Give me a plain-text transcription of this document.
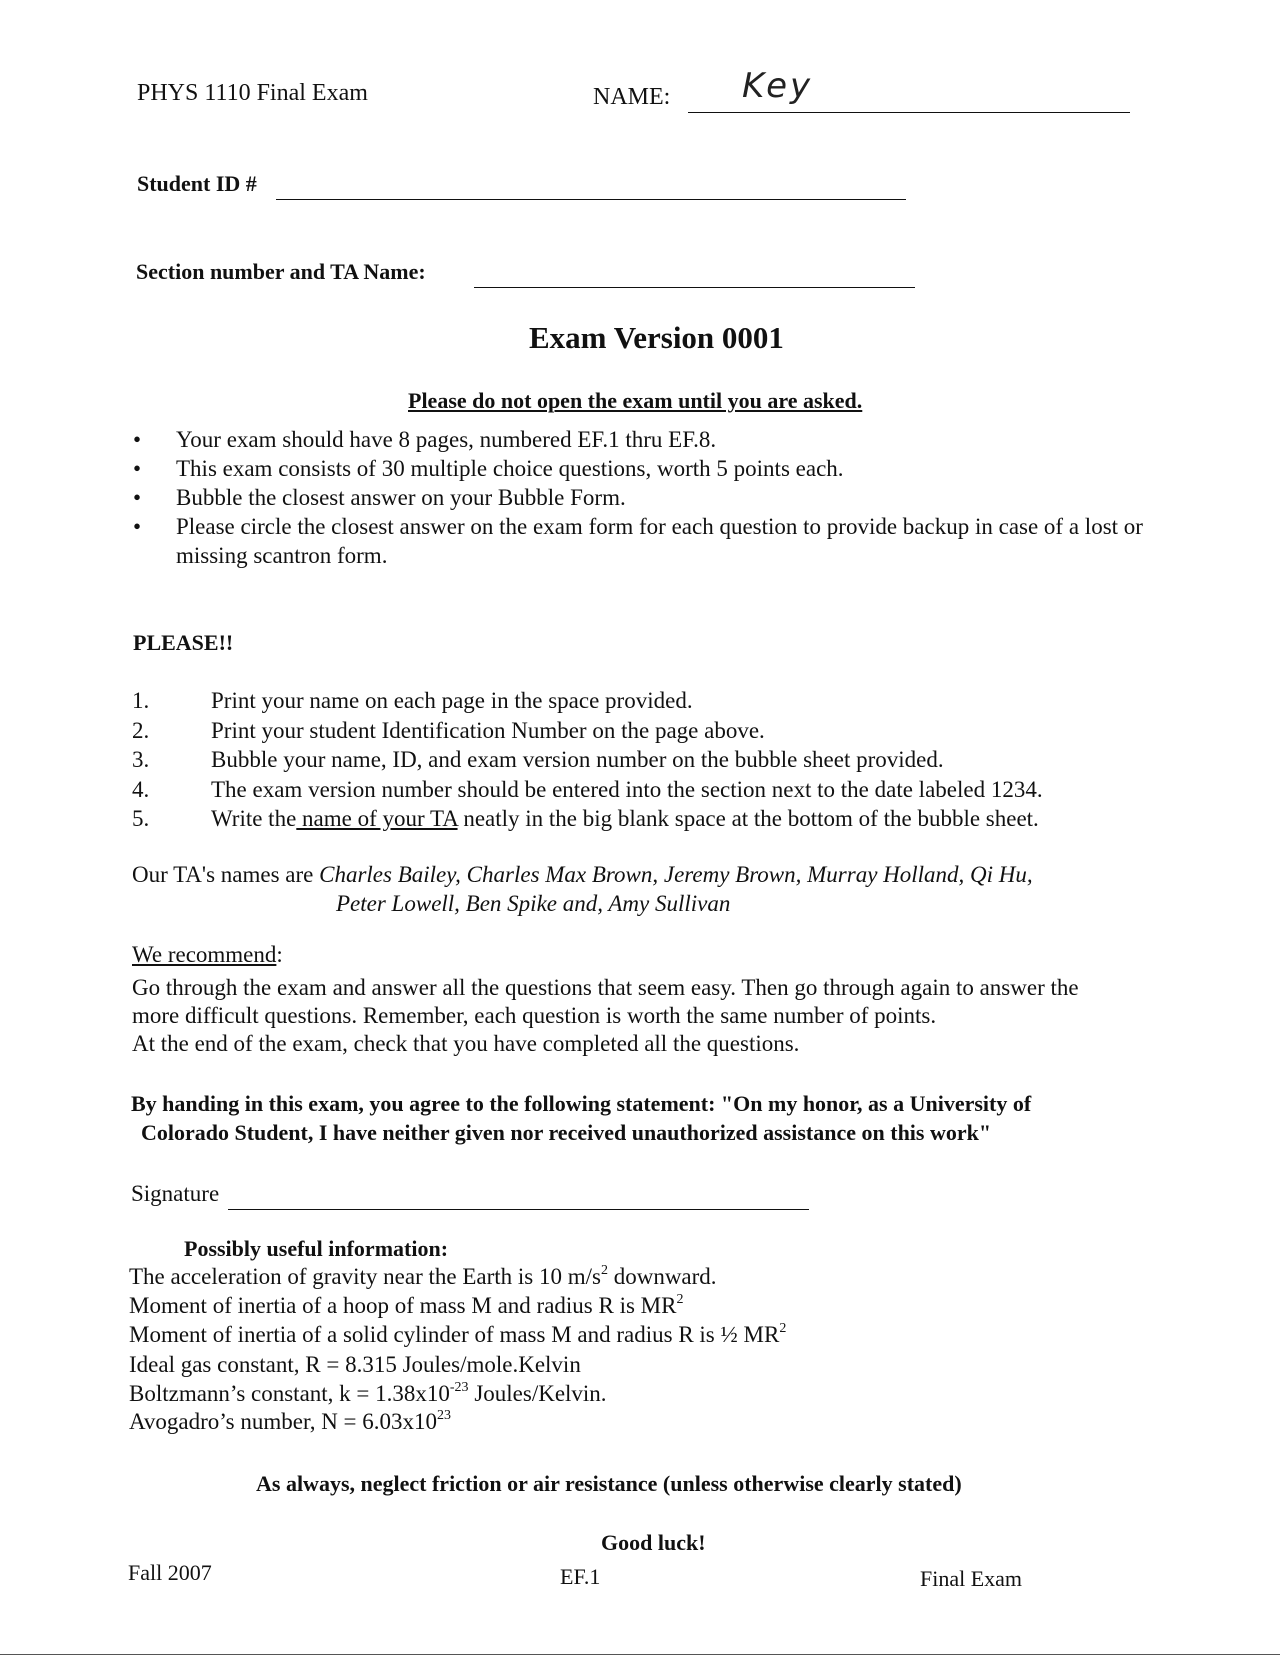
PHYS 1110 Final Exam	NAME: Key
Student ID #
Section number and TA Name:
Exam Version 0001
Please do not open the exam until you are asked.
•	Your exam should have 8 pages, numbered EF.1 thru EF.8.
•	This exam consists of 30 multiple choice questions, worth 5 points each.
•	Bubble the closest answer on your Bubble Form.
•	Please circle the closest answer on the exam form for each question to provide backup in case of a lost or missing scantron form.
PLEASE!!
1.	Print your name on each page in the space provided.
2.	Print your student Identification Number on the page above.
3.	Bubble your name, ID, and exam version number on the bubble sheet provided.
4.	The exam version number should be entered into the section next to the date labeled 1234.
5.	Write the name of your TA neatly in the big blank space at the bottom of the bubble sheet.
Our TA's names are Charles Bailey, Charles Max Brown, Jeremy Brown, Murray Holland, Qi Hu,
Peter Lowell, Ben Spike and, Amy Sullivan
We recommend:
Go through the exam and answer all the questions that seem easy. Then go through again to answer the
more difficult questions. Remember, each question is worth the same number of points.
At the end of the exam, check that you have completed all the questions.
By handing in this exam, you agree to the following statement: "On my honor, as a University of
Colorado Student, I have neither given nor received unauthorized assistance on this work"
Signature
Possibly useful information:
The acceleration of gravity near the Earth is 10 $m/s^2$ downward.
Moment of inertia of a hoop of mass M and radius R is $MR^2$
Moment of inertia of a solid cylinder of mass M and radius R is ½ $MR^2$
Ideal gas constant, R = 8.315 Joules/mole.Kelvin
Boltzmann’s constant, $k = 1.38x10^{-23}$ Joules/Kelvin.
Avogadro’s number, $N = 6.03x10^{23}$
As always, neglect friction or air resistance (unless otherwise clearly stated)
Good luck!
Fall 2007	EF.1	Final Exam
